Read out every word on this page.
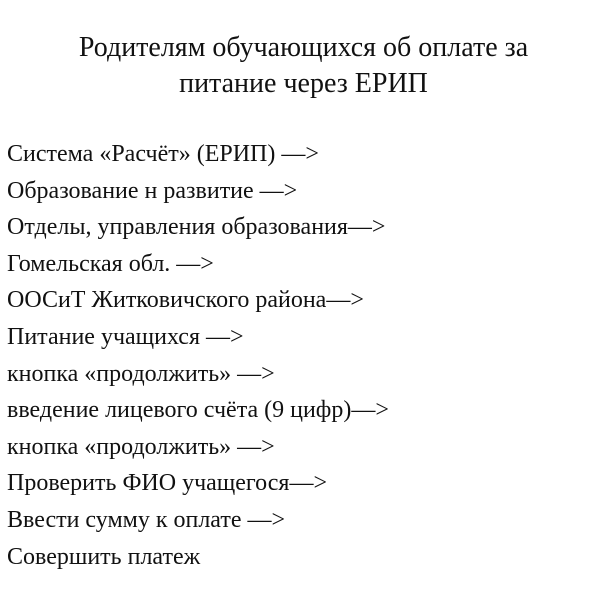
Родителям обучающихся об оплате за
питание через ЕРИП
Система «Расчёт» (ЕРИП) —>
Образование н развитие —>
Отделы, управления образования—>
Гомельская обл. —>
ООСиТ Житковичского района—>
Питание учащихся —>
кнопка «продолжить» —>
введение лицевого счёта (9 цифр)—>
кнопка «продолжить» —>
Проверить ФИО учащегося—>
Ввести сумму к оплате —>
Совершить платеж
